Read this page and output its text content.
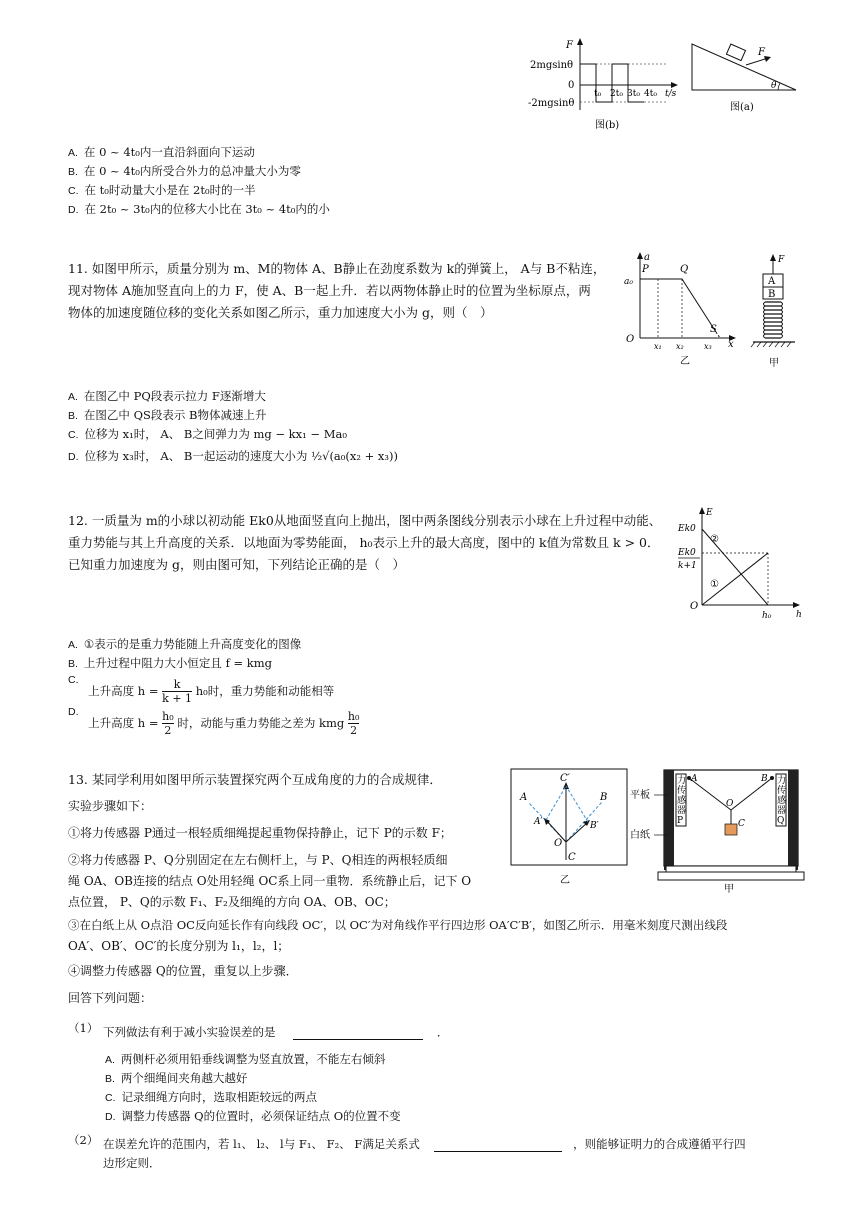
F
2mgsinθ
0
-2mgsinθ
t₀ 2t₀ 3t₀ 4t₀ t/s
图(b)
F
θ
图(a)
A. 在 0 ~ 4t₀内一直沿斜面向下运动
B. 在 0 ~ 4t₀内所受合外力的总冲量大小为零
C. 在 t₀时动量大小是在 2t₀时的一半
D. 在 2t₀ ~ 3t₀内的位移大小比在 3t₀ ~ 4t₀内的小
11. 如图甲所示，质量分别为 m、M的物体 A、B静止在劲度系数为 k的弹簧上， A与 B不粘连，
现对物体 A施加竖直向上的力 F，使 A、B一起上升．若以两物体静止时的位置为坐标原点，两
物体的加速度随位移的变化关系如图乙所示，重力加速度大小为 g，则（　）
a
a₀
P	Q
S
O
x₁ x₂	x₃ x
乙
F
A
B
甲
A. 在图乙中 PQ段表示拉力 F逐渐增大
B. 在图乙中 QS段表示 B物体减速上升
C. 位移为 x₁时， A、 B之间弹力为 mg − kx₁ − Ma₀
D. 位移为 x₃时， A、 B一起运动的速度大小为 ½√(a₀(x₂ + x₃))
12. 一质量为 m的小球以初动能 Ek0从地面竖直向上抛出，图中两条图线分别表示小球在上升过程中动能、
重力势能与其上升高度的关系．以地面为零势能面， h₀表示上升的最大高度，图中的 k值为常数且 k > 0．
已知重力加速度为 g，则由图可知，下列结论正确的是（　）
E
Ek0
Ek0
k+1
②
①
O
h₀	h
A. ①表示的是重力势能随上升高度变化的图像
B. 上升过程中阻力大小恒定且 f = kmg
C. 上升高度 $h = \frac{k}{k + 1} h_0$时，重力势能和动能相等
D. 上升高度 $h = \frac{\text{h₀}}{2}$ 时，动能与重力势能之差为 kmg $\frac{\text{h₀}}{2}$
13. 某同学利用如图甲所示装置探究两个互成角度的力的合成规律．
实验步骤如下：
①将力传感器 P通过一根轻质细绳提起重物保持静止，记下 P的示数 F；
②将力传感器 P、Q分别固定在左右侧杆上，与 P、Q相连的两根轻质细
绳 OA、OB连接的结点 O处用轻绳 OC系上同一重物．系统静止后，记下 O
点位置， P、Q的示数 F₁、F₂及细绳的方向 OA、OB、OC；
③在白纸上从 O点沿 OC反向延长作有向线段 OC′，以 OC′为对角线作平行四边形 OA′C′B′，如图乙所示．用毫米刻度尺测出线段
OA′、OB′、OC′的长度分别为 l₁，l₂，l；
④调整力传感器 Q的位置，重复以上步骤．
回答下列问题：
C′
A	B
A′	B′
O
C
乙
平板
白纸
力传感器 P
力传感器 Q
A	B
O
C
甲
（1） 下列做法有利于减小实验误差的是	．
A. 两侧杆必须用铅垂线调整为竖直放置，不能左右倾斜
B. 两个细绳间夹角越大越好
C. 记录细绳方向时，选取相距较远的两点
D. 调整力传感器 Q的位置时，必须保证结点 O的位置不变
（2） 在误差允许的范围内，若 l₁、 l₂、 l与 F₁、 F₂、 F满足关系式	，则能够证明力的合成遵循平行四
边形定则．
